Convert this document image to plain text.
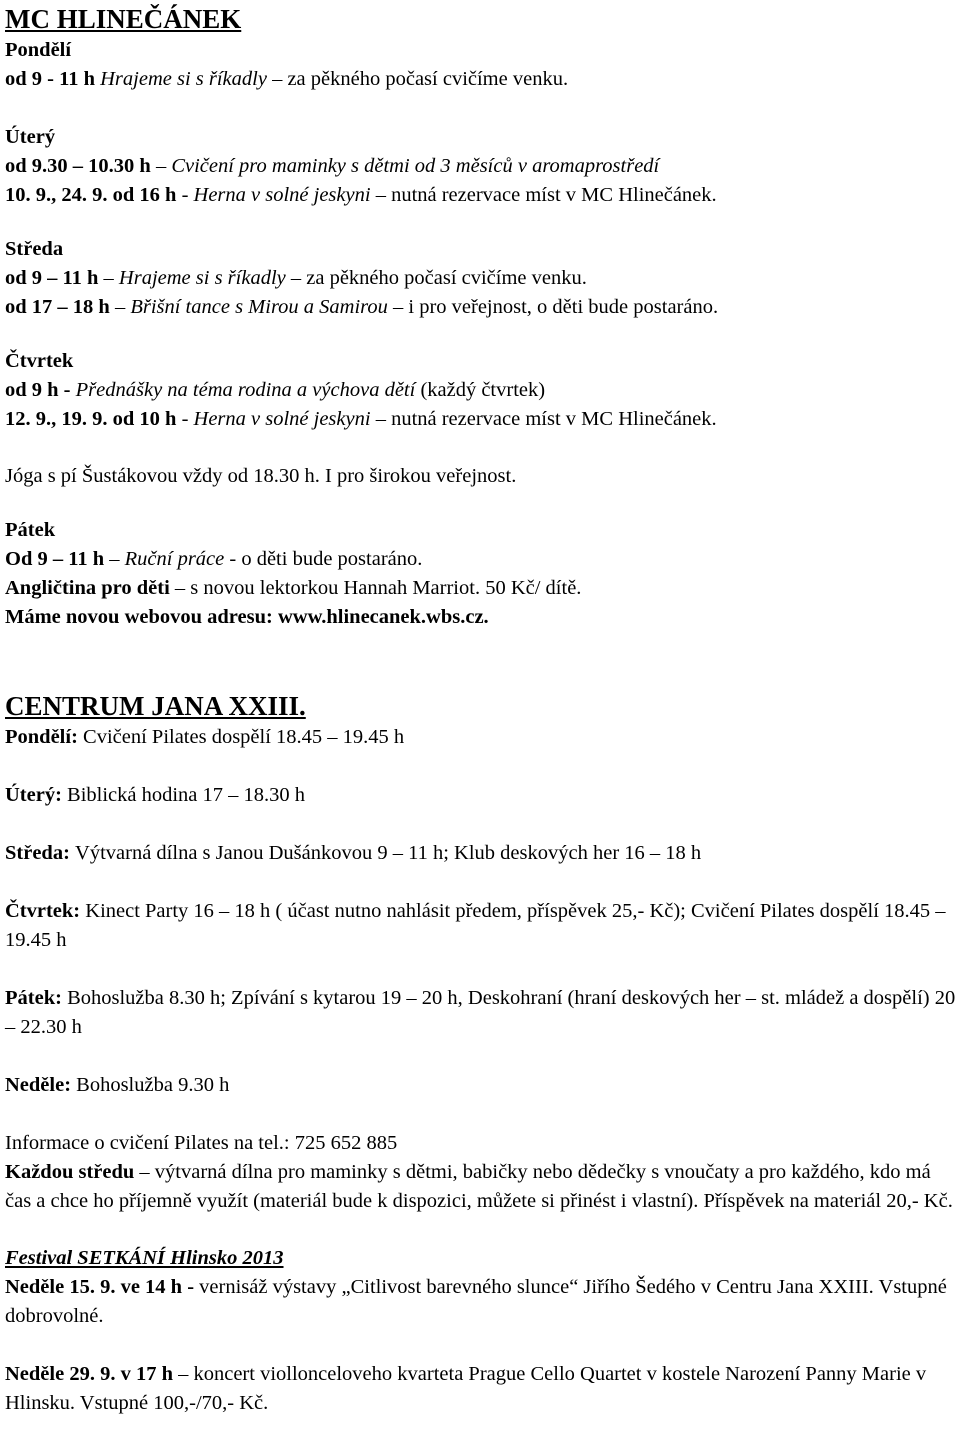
MC HLINEČÁNEK
Pondělí
od 9 - 11 h Hrajeme si s říkadly – za pěkného počasí cvičíme venku.
Úterý
od 9.30 – 10.30 h – Cvičení pro maminky s dětmi od 3 měsíců v aromaprostředí
10. 9., 24. 9. od 16 h - Herna v solné jeskyni – nutná rezervace míst v MC Hlinečánek.
Středa
od 9 – 11 h – Hrajeme si s říkadly – za pěkného počasí cvičíme venku.
od 17 – 18 h – Břišní tance s Mirou a Samirou – i pro veřejnost, o děti bude postaráno.
Čtvrtek
od 9 h - Přednášky na téma rodina a výchova dětí (každý čtvrtek)
12. 9., 19. 9. od 10 h - Herna v solné jeskyni – nutná rezervace míst v MC Hlinečánek.
Jóga s pí Šustákovou vždy od 18.30 h. I pro širokou veřejnost.
Pátek
Od 9 – 11 h – Ruční práce - o děti bude postaráno.
Angličtina pro děti – s novou lektorkou Hannah Marriot. 50 Kč/ dítě.
Máme novou webovou adresu: www.hlinecanek.wbs.cz.
CENTRUM JANA XXIII.
Pondělí: Cvičení Pilates dospělí 18.45 – 19.45 h
Úterý: Biblická hodina 17 – 18.30 h
Středa: Výtvarná dílna s Janou Dušánkovou 9 – 11 h; Klub deskových her 16 – 18 h
Čtvrtek: Kinect Party 16 – 18 h ( účast nutno nahlásit předem, příspěvek 25,- Kč); Cvičení Pilates dospělí 18.45 – 19.45 h
Pátek: Bohoslužba 8.30 h; Zpívání s kytarou 19 – 20 h, Deskohraní (hraní deskových her – st. mládež a dospělí) 20 – 22.30 h
Neděle: Bohoslužba 9.30 h
Informace o cvičení Pilates na tel.: 725 652 885
Každou středu – výtvarná dílna pro maminky s dětmi, babičky nebo dědečky s vnoučaty a pro každého, kdo má čas a chce ho příjemně využít (materiál bude k dispozici, můžete si přinést i vlastní). Příspěvek na materiál 20,- Kč.
Festival SETKÁNÍ Hlinsko 2013
Neděle 15. 9. ve 14 h - vernisáž výstavy „Citlivost barevného slunce“ Jiřího Šedého v Centru Jana XXIII. Vstupné dobrovolné.
Neděle 29. 9. v 17 h – koncert viollonceloveho kvarteta Prague Cello Quartet v kostele Narození Panny Marie v Hlinsku. Vstupné 100,-/70,- Kč.
